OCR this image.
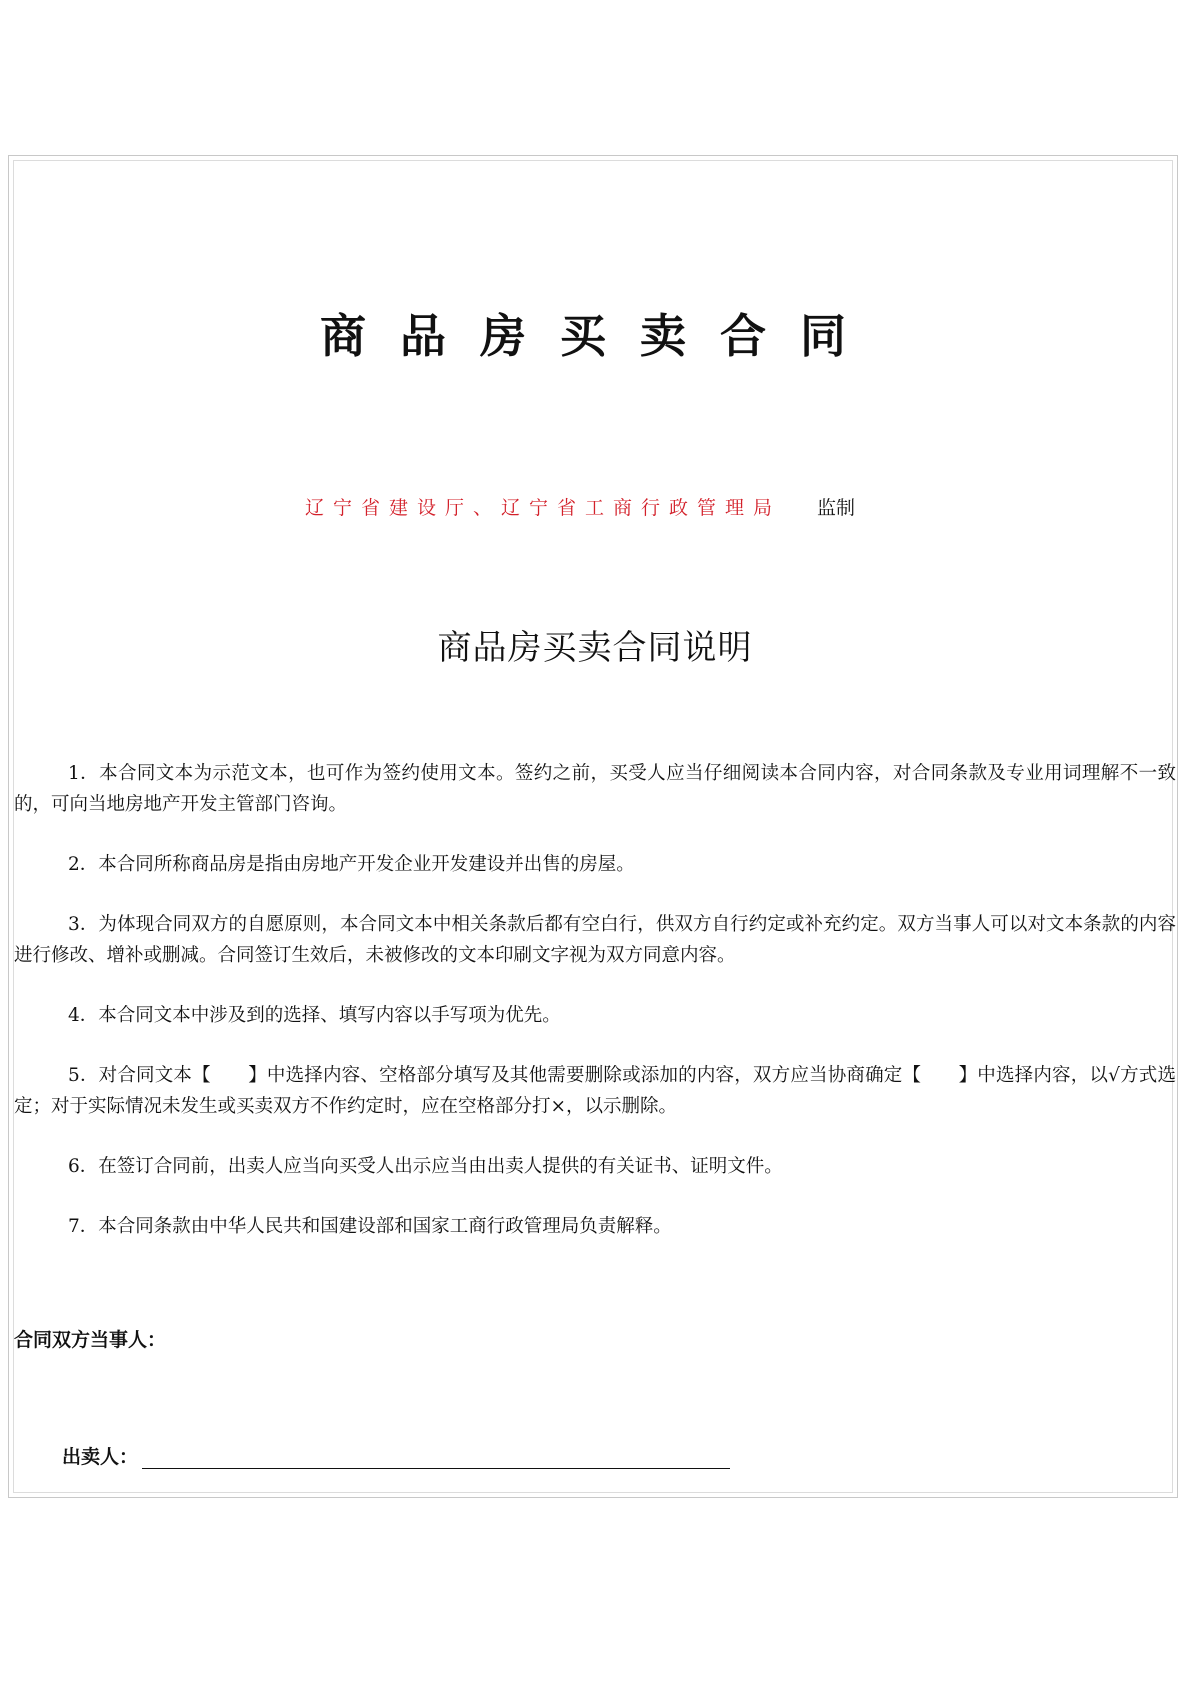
商品房买卖合同
辽宁省建设厅、辽宁省工商行政管理局 监制
商品房买卖合同说明

1．本合同文本为示范文本，也可作为签约使用文本。签约之前，买受人应当仔细阅读本合同内容，对合同条款及专业用词理解不一致的，可向当地房地产开发主管部门咨询。

2．本合同所称商品房是指由房地产开发企业开发建设并出售的房屋。

3．为体现合同双方的自愿原则，本合同文本中相关条款后都有空白行，供双方自行约定或补充约定。双方当事人可以对文本条款的内容进行修改、增补或删减。合同签订生效后，未被修改的文本印刷文字视为双方同意内容。

4．本合同文本中涉及到的选择、填写内容以手写项为优先。

5．对合同文本【　　】中选择内容、空格部分填写及其他需要删除或添加的内容，双方应当协商确定【　　】中选择内容，以√方式选定；对于实际情况未发生或买卖双方不作约定时，应在空格部分打×，以示删除。

6．在签订合同前，出卖人应当向买受人出示应当由出卖人提供的有关证书、证明文件。

7．本合同条款由中华人民共和国建设部和国家工商行政管理局负责解释。

合同双方当事人：
出卖人：
